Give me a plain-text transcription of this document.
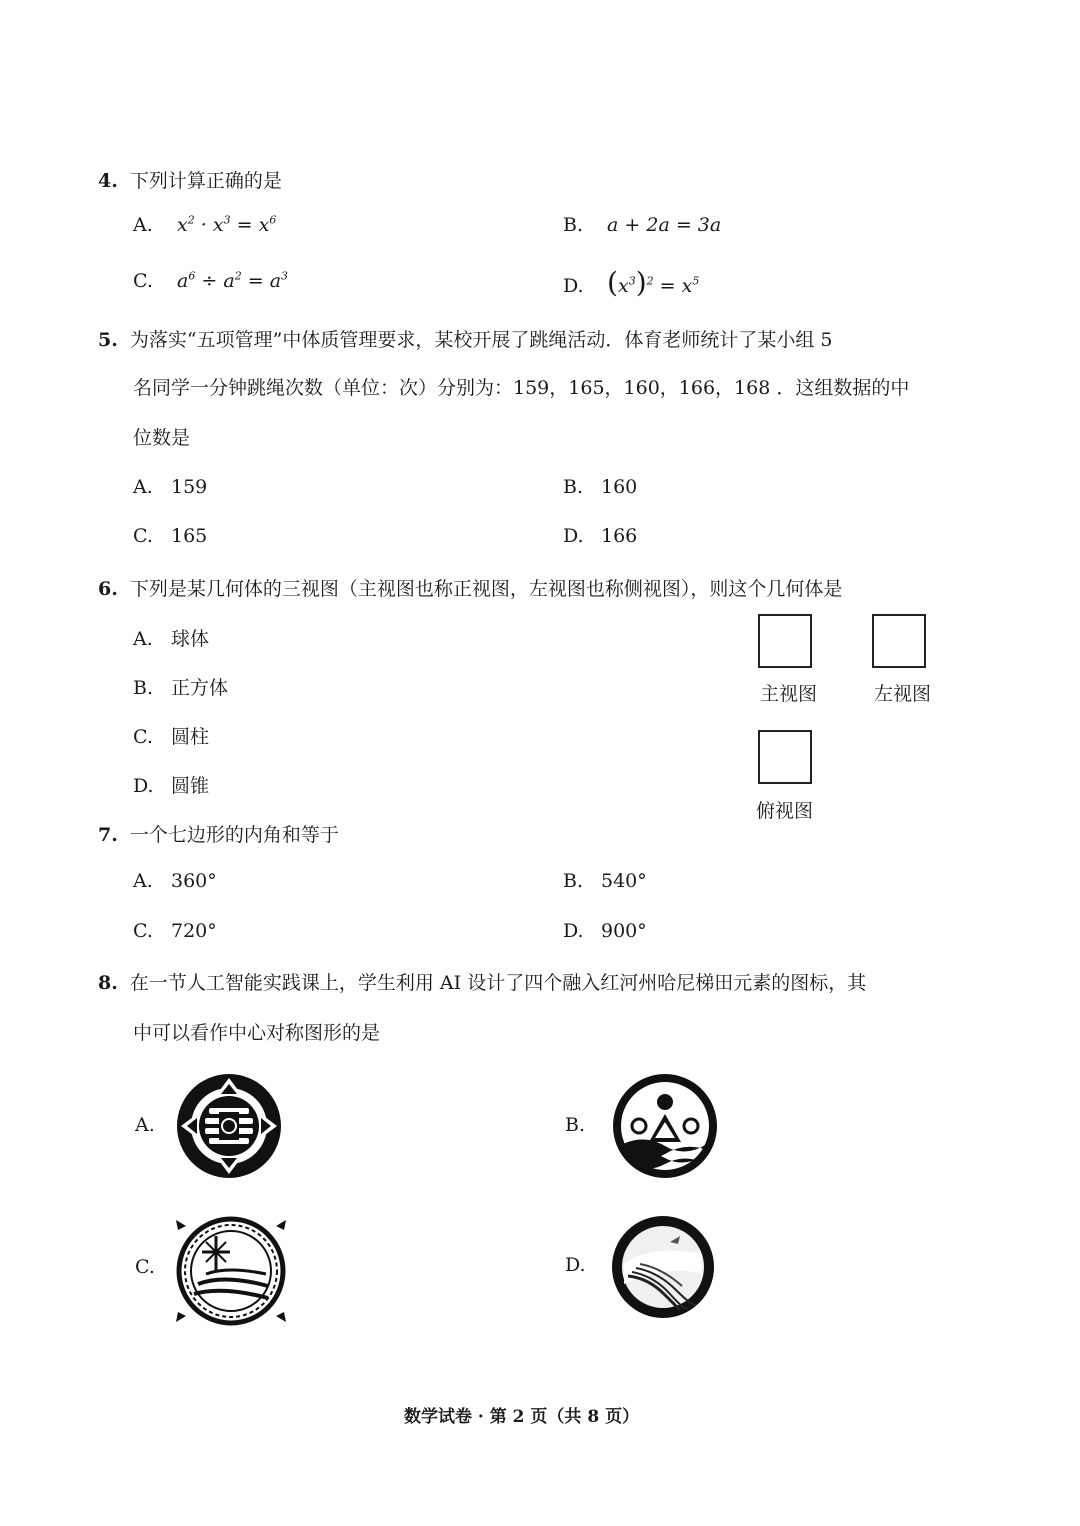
4. 下列计算正确的是
A. $x^2 \cdot x^3 = x^6$	B. a + 2a = 3a
C. $a^6 \div a^2 = a^3$	D. $(x^3)^2 = x^5$
5. 为落实“五项管理”中体质管理要求，某校开展了跳绳活动．体育老师统计了某小组 5
名同学一分钟跳绳次数（单位：次）分别为：159，165，160，166，168 ．这组数据的中
位数是
A. 159	B. 160
C. 165	D. 166
6. 下列是某几何体的三视图（主视图也称正视图，左视图也称侧视图），则这个几何体是
A. 球体
B. 正方体
C. 圆柱
D. 圆锥
主视图	左视图
俯视图
7. 一个七边形的内角和等于
A. 360°	B. 540°
C. 720°	D. 900°
8. 在一节人工智能实践课上，学生利用 AI 设计了四个融入红河州哈尼梯田元素的图标，其
中可以看作中心对称图形的是
A.	B.
C.	D.
数学试卷 · 第 2 页（共 8 页）
